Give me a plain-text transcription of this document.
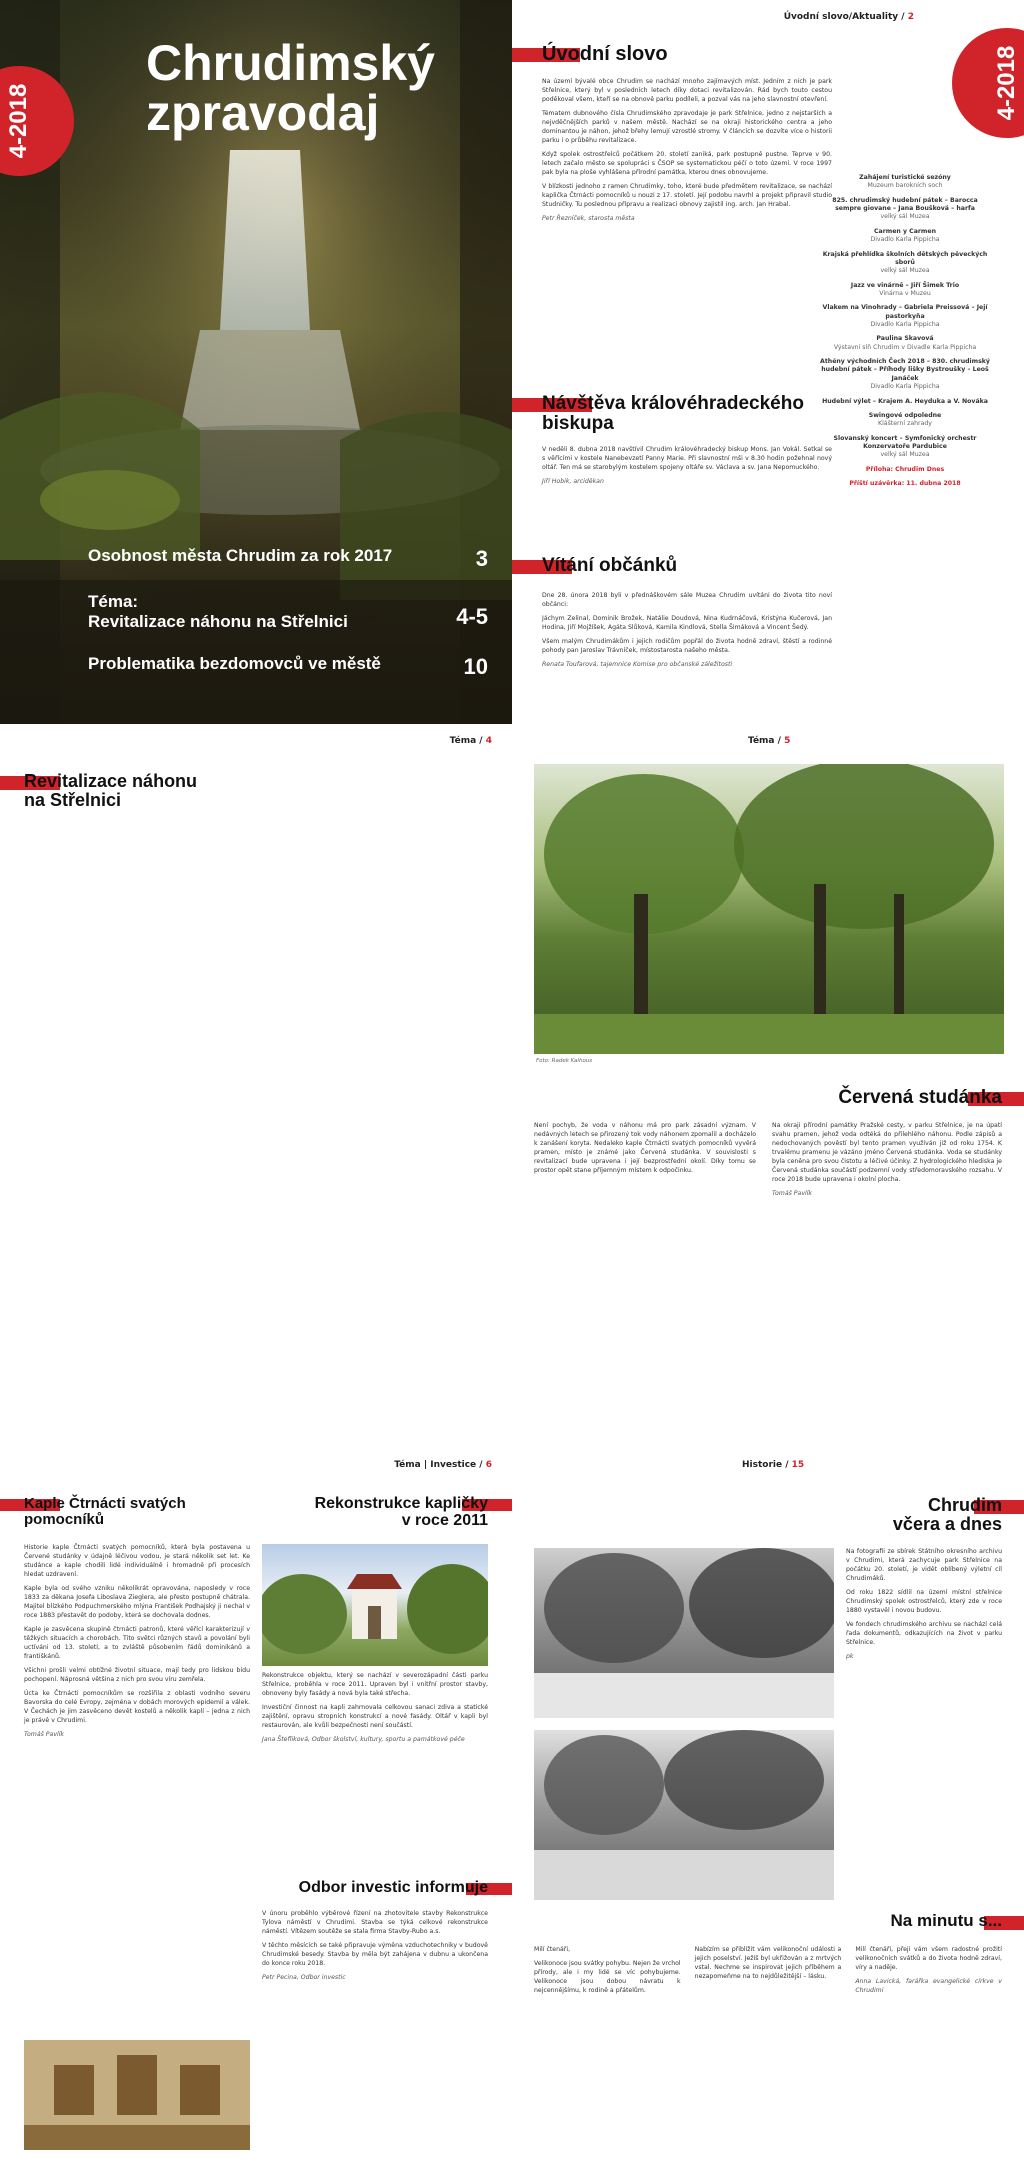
4-2018
Chrudimský
zpravodaj
Osobnost města Chrudim za rok 2017	3
Téma:
Revitalizace náhonu na Střelnici	4-5
Problematika bezdomovců ve městě	10
Úvodní slovo/Aktuality / 2
4-2018
Úvodní slovo

Na území bývalé obce Chrudim se nachází mnoho zajímavých míst. Jedním z nich je park Střelnice, který byl v posledních letech díky dotaci revitalizován. Rád bych touto cestou poděkoval všem, kteří se na obnově parku podíleli, a pozval vás na jeho slavnostní otevření.

Tématem dubnového čísla Chrudimského zpravodaje je park Střelnice, jedno z nejstarších a nejvděčnějších parků v našem městě. Nachází se na okraji historického centra a jeho dominantou je náhon, jehož břehy lemují vzrostlé stromy. V článcích se dozvíte více o historii parku i o průběhu revitalizace.

Když spolek ostrostřelců počátkem 20. století zaniká, park postupně pustne. Teprve v 90. letech začalo město se spolupráci s ČSOP se systematickou péčí o toto území. V roce 1997 pak byla na ploše vyhlášena přírodní památka, kterou dnes obnovujeme.

V blízkosti jednoho z ramen Chrudimky, toho, které bude předmětem revitalizace, se nachází kaplička Čtrnácti pomocníků u nouzi z 17. století. Její podobu navrhl a projekt připravil studio Studničky. Tu poslednou přípravu a realizaci obnovy zajistil ing. arch. Jan Hrabal.

Petr Řezníček, starosta města

Návštěva královéhradeckého
biskupa

V neděli 8. dubna 2018 navštívil Chrudim královéhradecký biskup Mons. Jan Vokál. Setkal se s věřícími v kostele Nanebevzetí Panny Marie. Při slavnostní mši v 8.30 hodin požehnal nový oltář. Ten má se starobylým kostelem spojeny oltáře sv. Václava a sv. Jana Nepomuckého.

Jiří Hobik, arciděkan

Vítání občánků

Dne 28. února 2018 byli v přednáškovém sále Muzea Chrudim uvítáni do života tito noví občánci:

Jáchym Zelinal, Dominik Brožek, Natálie Doudová, Nina Kudrnáčová, Kristýna Kučerová, Jan Hodina, Jiří Mojžíšek, Agáta Slůková, Kamila Kindlová, Stella Šimáková a Vincent Šedý.

Všem malým Chrudimákům i jejich rodičům popřál do života hodně zdraví, štěstí a rodinné pohody pan Jaroslav Trávníček, místostarosta našeho města.

Renata Toufarová, tajemnice Komise pro občanské záležitosti

Zahájení turistické sezóny
Muzeum barokních soch
825. chrudimský hudební pátek – Baroccа sempre giovane – Jana Boušková – harfa
velký sál Muzea
Carmen y Carmen
Divadlo Karla Pippicha
Krajská přehlídka školních dětských pěveckých sborů
velký sál Muzea
Jazz ve vinárně – Jiří Šimek Trio
Vinárna v Muzeu
Vlakem na Vinohrady – Gabriela Preissová – Její pastorkyňa
Divadlo Karla Pippicha
Paulina Skavová
Výstavní síň Chrudim v Divadle Karla Pippicha
Athény východních Čech 2018 – 830. chrudimský hudební pátek – Příhody lišky Bystroušky – Leoš Janáček
Divadlo Karla Pippicha
Hudební výlet – Krajem A. Heyduka a V. Nováka
Swingové odpoledne
Klášterní zahrady
Slovanský koncert – Symfonický orchestr Konzervatoře Pardubice
velký sál Muzea
Příloha: Chrudim Dnes
Příští uzávěrka: 11. dubna 2018
Téma / 4
Revitalizace náhonu
na Střelnici

Téma / 5
Foto: Radek Kalhous
Červená studánka

Není pochyb, že voda v náhonu má pro park zásadní význam. V nedávných letech se přirozený tok vody náhonem zpomalil a docházelo k zanášení koryta. Nedaleko kaple Čtrnácti svatých pomocníků vyvěrá pramen, místo je známé jako Červená studánka. V souvislosti s revitalizací bude upravena i její bezprostřední okolí. Díky tomu se prostor opět stane příjemným místem k odpočinku.

Na okraji přírodní památky Pražské cesty, v parku Střelnice, je na úpatí svahu pramen, jehož voda odtéká do přilehlého náhonu. Podle zápisů a nedochovaných pověstí byl tento pramen využíván již od roku 1754. K trvalému pramenu je vázáno jméno Červená studánka. Voda se studánky byla ceněna pro svou čistotu a léčivé účinky. Z hydrologického hlediska je Červená studánka součástí podzemní vody středomoravského rozsahu. V roce 2018 bude upravena i okolní plocha.

Tomáš Pavlík

Téma | Investice / 6
Kaple Čtrnácti svatých
pomocníků

Historie kaple Čtrnácti svatých pomocníků, která byla postavena u Červené studánky v údajně léčivou vodou, je stará několik set let. Ke studánce a kaple chodili lidé individuálně i hromadně při procesích hledat uzdravení.

Kaple byla od svého vzniku několikrát opravována, naposledy v roce 1833 za děkana Josefa Liboslava Zieglera, ale přesto postupně chátrala. Majitel blízkého Podpuchmerského mlýna František Podhajský ji nechal v roce 1883 přestavět do podoby, která se dochovala dodnes.

Kaple je zasvěcena skupině čtrnácti patronů, které věřící karakterizují v těžkých situacích a chorobách. Tito světci různých stavů a povolání byli uctíváni od 13. století, a to zvláště působením řádů dominikánů a františkánů.

Všichni prošli velmi obtížné životní situace, mají tedy pro lidskou bídu pochopení. Náprosná většina z nich pro svou víru zemřela.

Úcta ke Čtrnácti pomocníkům se rozšířila z oblasti vodního severu Bavorska do celé Evropy, zejména v dobách morových epidemií a válek. V Čechách je jim zasvěceno devět kostelů a několik kaplí – jedna z nich je právě v Chrudimi.

Tomáš Pavlík

Rekonstrukce kapličky
v roce 2011

Rekonstrukce objektu, který se nachází v severozápadní části parku Střelnice, proběhla v roce 2011. Upraven byl i vnitřní prostor stavby, obnoveny byly fasády a nová byla také střecha.

Investiční činnost na kapli zahrnovala celkovou sanaci zdiva a statické zajištění, opravu stropních konstrukcí a nové fasády. Oltář v kapli byl restaurován, ale kvůli bezpečnosti není součástí.

Jana Štefliková, Odbor školství, kultury, sportu a památkové péče

Odbor investic informuje

V únoru proběhlo výběrové řízení na zhotovitele stavby Rekonstrukce Tylova náměstí v Chrudimi. Stavba se týká celkové rekonstrukce náměstí. Vítězem soutěže se stala firma Stavby-Rubo a.s.

V těchto měsících se také připravuje výměna vzduchotechniky v budově Chrudimské besedy. Stavba by měla být zahájena v dubnu a ukončena do konce roku 2018.

Petr Pecina, Odbor investic

Historie / 15
Chrudim
včera a dnes

Na fotografii ze sbírek Státního okresního archivu v Chrudimi, která zachycuje park Střelnice na počátku 20. století, je vidět oblíbený výletní cíl Chrudimáků.

Od roku 1822 sídlil na území místní střelnice Chrudimský spolek ostrostřelců, který zde v roce 1880 vystavěl i novou budovu.

Ve fondech chrudimského archivu se nachází celá řada dokumentů, odkazujících na život v parku Střelnice.

pk

Na minutu s...

Milí čtenáři,

Velikonoce jsou svátky pohybu. Nejen že vrchol přírody, ale i my lidé se víc pohybujeme. Velikonoce jsou dobou návratu k nejcennějšímu, k rodině a přátelům.

Nabízím se přiblížit vám velikonoční události a jejich poselství. Ježíš byl ukřižován a z mrtvých vstal. Nechme se inspirovat jejich příběhem a nezapomeňme na to nejdůležitější – lásku.

Milí čtenáři, přeji vám všem radostné prožití velikonočních svátků a do života hodně zdraví, víry a naděje.

Anna Lavická, farářka evangelické církve v Chrudimi
